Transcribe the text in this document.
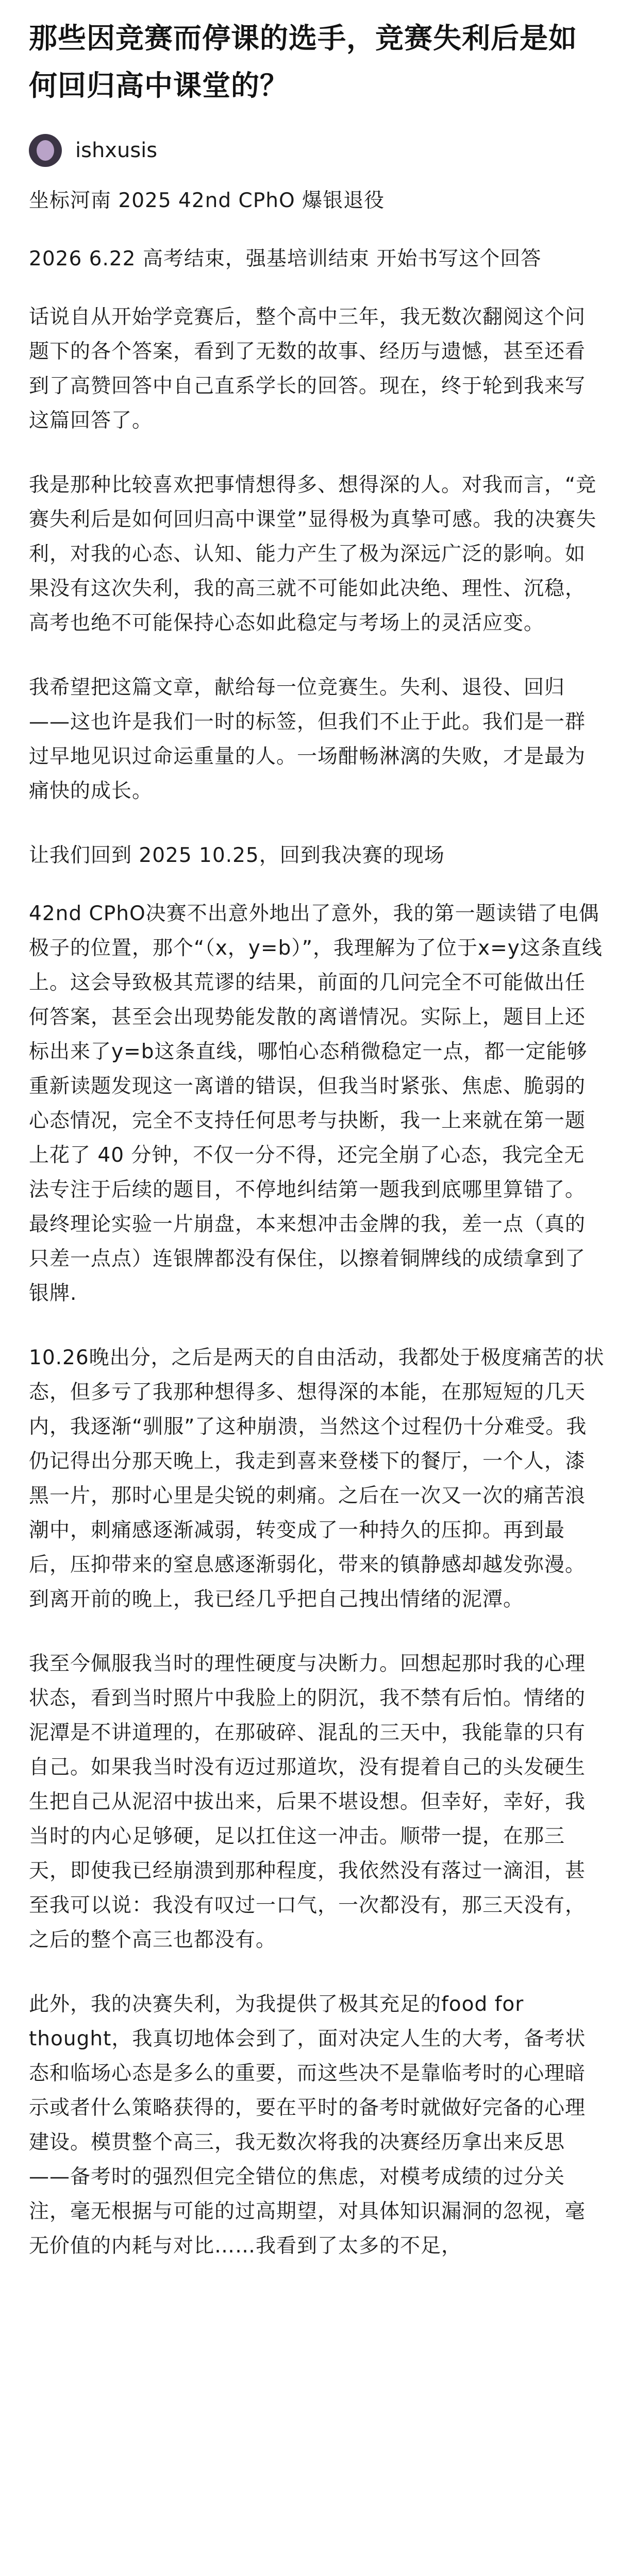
那些因竞赛而停课的选手，竞赛失利后是如何回归高中课堂的？
ishxusis

坐标河南 2025 42nd CPhO 爆银退役

2026 6.22 高考结束，强基培训结束 开始书写这个回答

话说自从开始学竞赛后，整个高中三年，我无数次翻阅这个问题下的各个答案，看到了无数的故事、经历与遗憾，甚至还看到了高赞回答中自己直系学长的回答。现在，终于轮到我来写这篇回答了。

我是那种比较喜欢把事情想得多、想得深的人。对我而言，“竞赛失利后是如何回归高中课堂”显得极为真挚可感。我的决赛失利，对我的心态、认知、能力产生了极为深远广泛的影响。如果没有这次失利，我的高三就不可能如此决绝、理性、沉稳，高考也绝不可能保持心态如此稳定与考场上的灵活应变。

我希望把这篇文章，献给每一位竞赛生。失利、退役、回归——这也许是我们一时的标签，但我们不止于此。我们是一群过早地见识过命运重量的人。一场酣畅淋漓的失败，才是最为痛快的成长。

让我们回到 2025 10.25，回到我决赛的现场

42nd CPhO决赛不出意外地出了意外，我的第一题读错了电偶极子的位置，那个“（x，y=b）”，我理解为了位于x=y这条直线上。这会导致极其荒谬的结果，前面的几问完全不可能做出任何答案，甚至会出现势能发散的离谱情况。实际上，题目上还标出来了y=b这条直线，哪怕心态稍微稳定一点，都一定能够重新读题发现这一离谱的错误，但我当时紧张、焦虑、脆弱的心态情况，完全不支持任何思考与抉断，我一上来就在第一题上花了 40 分钟，不仅一分不得，还完全崩了心态，我完全无法专注于后续的题目，不停地纠结第一题我到底哪里算错了。最终理论实验一片崩盘，本来想冲击金牌的我，差一点（真的只差一点点）连银牌都没有保住，以擦着铜牌线的成绩拿到了银牌.

10.26晚出分，之后是两天的自由活动，我都处于极度痛苦的状态，但多亏了我那种想得多、想得深的本能，在那短短的几天内，我逐渐“驯服”了这种崩溃，当然这个过程仍十分难受。我仍记得出分那天晚上，我走到喜来登楼下的餐厅，一个人，漆黑一片，那时心里是尖锐的刺痛。之后在一次又一次的痛苦浪潮中，刺痛感逐渐减弱，转变成了一种持久的压抑。再到最后，压抑带来的窒息感逐渐弱化，带来的镇静感却越发弥漫。到离开前的晚上，我已经几乎把自己拽出情绪的泥潭。

我至今佩服我当时的理性硬度与决断力。回想起那时我的心理状态，看到当时照片中我脸上的阴沉，我不禁有后怕。情绪的泥潭是不讲道理的，在那破碎、混乱的三天中，我能靠的只有自己。如果我当时没有迈过那道坎，没有提着自己的头发硬生生把自己从泥沼中拔出来，后果不堪设想。但幸好，幸好，我当时的内心足够硬，足以扛住这一冲击。顺带一提，在那三天，即使我已经崩溃到那种程度，我依然没有落过一滴泪，甚至我可以说：我没有叹过一口气，一次都没有，那三天没有，之后的整个高三也都没有。

此外，我的决赛失利，为我提供了极其充足的food for thought，我真切地体会到了，面对决定人生的大考，备考状态和临场心态是多么的重要，而这些决不是靠临考时的心理暗示或者什么策略获得的，要在平时的备考时就做好完备的心理建设。模贯整个高三，我无数次将我的决赛经历拿出来反思——备考时的强烈但完全错位的焦虑，对模考成绩的过分关注，毫无根据与可能的过高期望，对具体知识漏洞的忽视，毫无价值的内耗与对比……我看到了太多的不足，
